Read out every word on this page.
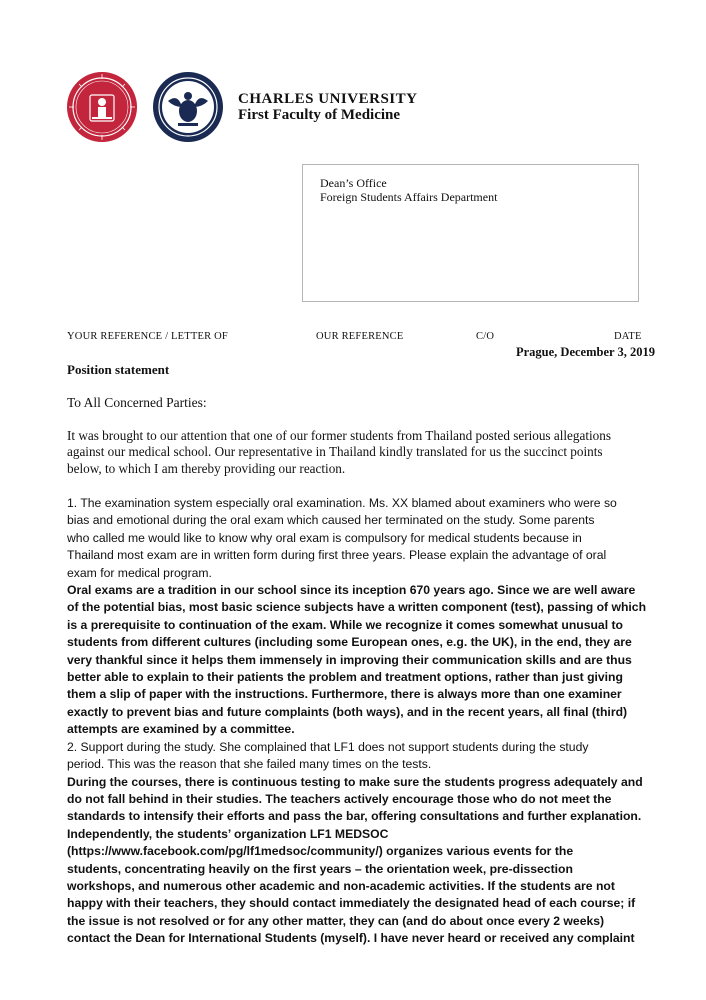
CHARLES UNIVERSITY
First Faculty of Medicine
Dean’s Office
Foreign Students Affairs Department
YOUR REFERENCE / LETTER OF	OUR REFERENCE	C/O	DATE
Prague, December 3, 2019
Position statement
To All Concerned Parties:
It was brought to our attention that one of our former students from Thailand posted serious allegations
against our medical school. Our representative in Thailand kindly translated for us the succinct points
below, to which I am thereby providing our reaction.
1. The examination system especially oral examination. Ms. XX blamed about examiners who were so
bias and emotional during the oral exam which caused her terminated on the study. Some parents
who called me would like to know why oral exam is compulsory for medical students because in
Thailand most exam are in written form during first three years. Please explain the advantage of oral
exam for medical program.
Oral exams are a tradition in our school since its inception 670 years ago. Since we are well aware
of the potential bias, most basic science subjects have a written component (test), passing of which
is a prerequisite to continuation of the exam. While we recognize it comes somewhat unusual to
students from different cultures (including some European ones, e.g. the UK), in the end, they are
very thankful since it helps them immensely in improving their communication skills and are thus
better able to explain to their patients the problem and treatment options, rather than just giving
them a slip of paper with the instructions. Furthermore, there is always more than one examiner
exactly to prevent bias and future complaints (both ways), and in the recent years, all final (third)
attempts are examined by a committee.
2. Support during the study. She complained that LF1 does not support students during the study
period. This was the reason that she failed many times on the tests.
During the courses, there is continuous testing to make sure the students progress adequately and
do not fall behind in their studies. The teachers actively encourage those who do not meet the
standards to intensify their efforts and pass the bar, offering consultations and further explanation.
Independently, the students’ organization LF1 MEDSOC
(https://www.facebook.com/pg/lf1medsoc/community/) organizes various events for the
students, concentrating heavily on the first years – the orientation week, pre-dissection
workshops, and numerous other academic and non-academic activities. If the students are not
happy with their teachers, they should contact immediately the designated head of each course; if
the issue is not resolved or for any other matter, they can (and do about once every 2 weeks)
contact the Dean for International Students (myself). I have never heard or received any complaint
